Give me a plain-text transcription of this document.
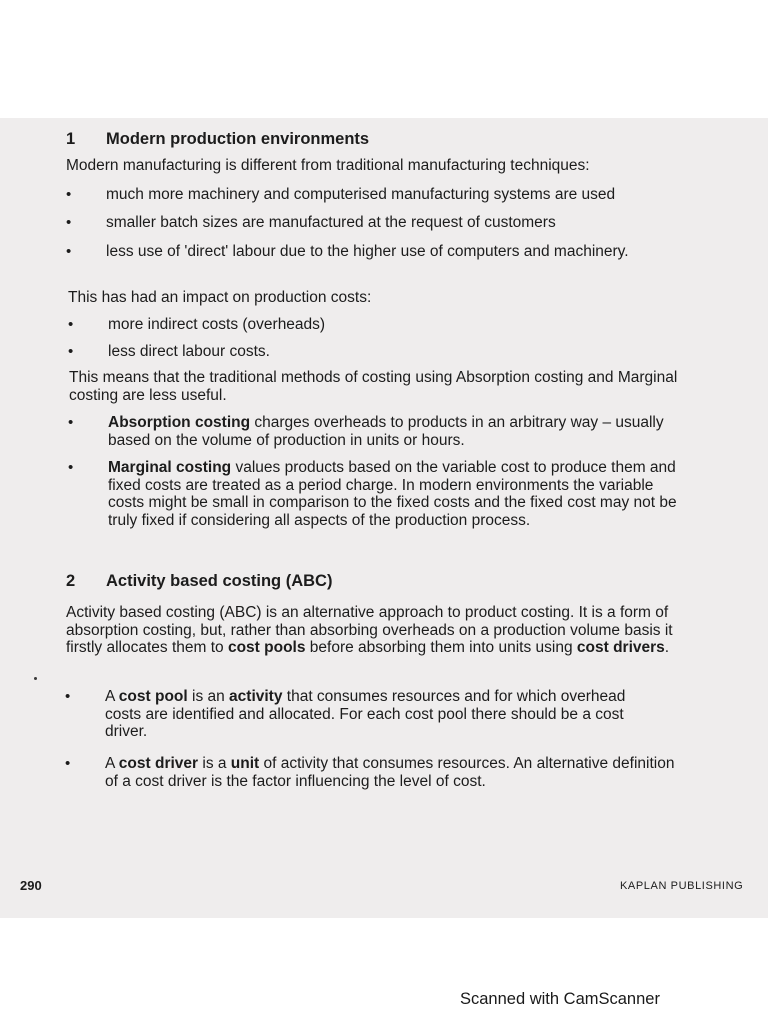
1 Modern production environments
Modern manufacturing is different from traditional manufacturing techniques:
• much more machinery and computerised manufacturing systems are used
• smaller batch sizes are manufactured at the request of customers
• less use of 'direct' labour due to the higher use of computers and machinery.
This has had an impact on production costs:
• more indirect costs (overheads)
• less direct labour costs.
This means that the traditional methods of costing using Absorption costing and Marginal costing are less useful.
• Absorption costing charges overheads to products in an arbitrary way – usually based on the volume of production in units or hours.
• Marginal costing values products based on the variable cost to produce them and fixed costs are treated as a period charge. In modern environments the variable costs might be small in comparison to the fixed costs and the fixed cost may not be truly fixed if considering all aspects of the production process.
2 Activity based costing (ABC)
Activity based costing (ABC) is an alternative approach to product costing. It is a form of absorption costing, but, rather than absorbing overheads on a production volume basis it firstly allocates them to cost pools before absorbing them into units using cost drivers.
• A cost pool is an activity that consumes resources and for which overhead costs are identified and allocated. For each cost pool there should be a cost driver.
• A cost driver is a unit of activity that consumes resources. An alternative definition of a cost driver is the factor influencing the level of cost.
290	KAPLAN PUBLISHING
Scanned with CamScanner
